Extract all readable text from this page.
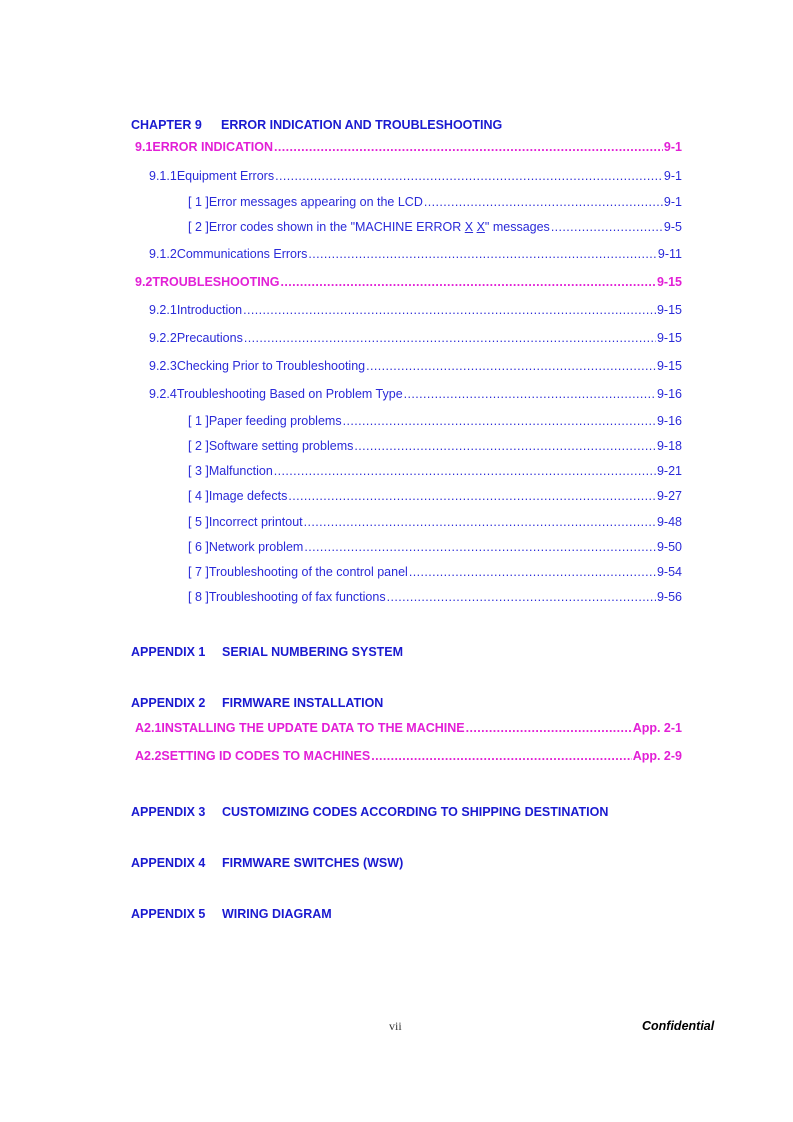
CHAPTER 9	ERROR INDICATION AND TROUBLESHOOTING
9.1 ERROR INDICATION .....	9-1
9.1.1 Equipment Errors .....	9-1
[ 1 ] Error messages appearing on the LCD .....	9-1
[ 2 ] Error codes shown in the "MACHINE ERROR X X" messages .....	9-5
9.1.2 Communications Errors .....	9-11
9.2 TROUBLESHOOTING .....	9-15
9.2.1 Introduction .....	9-15
9.2.2 Precautions .....	9-15
9.2.3 Checking Prior to Troubleshooting .....	9-15
9.2.4 Troubleshooting Based on Problem Type .....	9-16
[ 1 ] Paper feeding problems .....	9-16
[ 2 ] Software setting problems .....	9-18
[ 3 ] Malfunction .....	9-21
[ 4 ] Image defects .....	9-27
[ 5 ] Incorrect printout .....	9-48
[ 6 ] Network problem .....	9-50
[ 7 ] Troubleshooting of the control panel .....	9-54
[ 8 ] Troubleshooting of fax functions .....	9-56
APPENDIX 1	SERIAL NUMBERING SYSTEM
APPENDIX 2	FIRMWARE INSTALLATION
A2.1 INSTALLING THE UPDATE DATA TO THE MACHINE .....	App. 2-1
A2.2 SETTING ID CODES TO MACHINES .....	App. 2-9
APPENDIX 3	CUSTOMIZING CODES ACCORDING TO SHIPPING DESTINATION
APPENDIX 4	FIRMWARE SWITCHES (WSW)
APPENDIX 5	WIRING DIAGRAM
vii	Confidential
